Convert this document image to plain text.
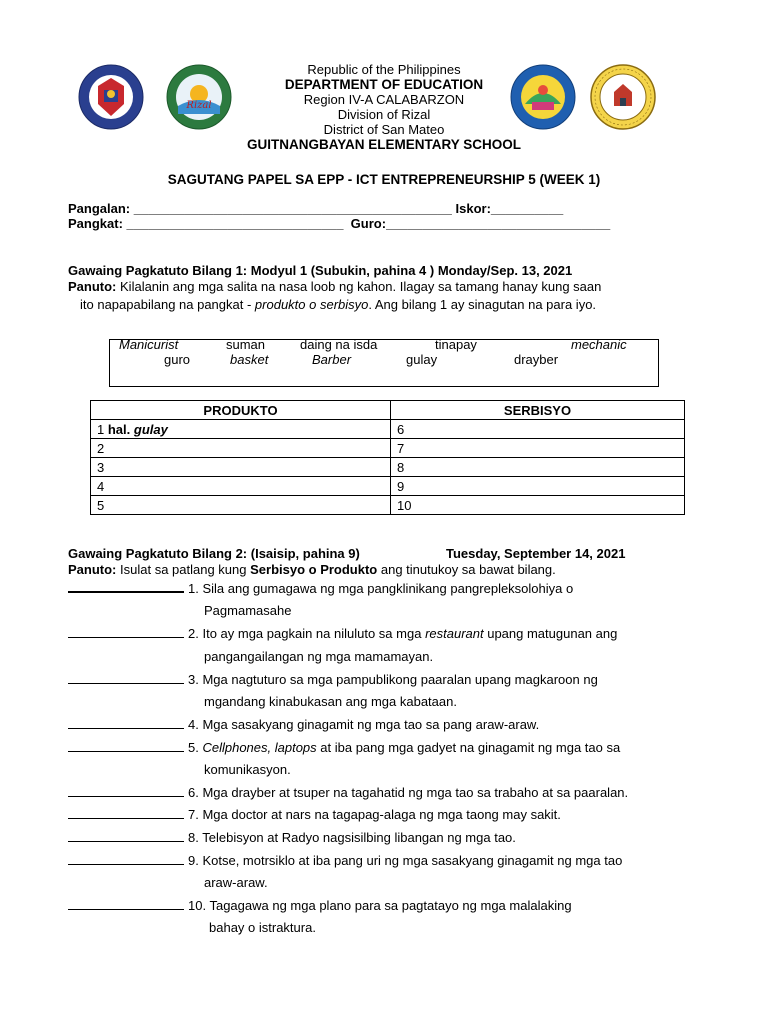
Rizal
Republic of the Philippines
DEPARTMENT OF EDUCATION
Region IV-A CALABARZON
Division of Rizal
District of San Mateo
GUITNANGBAYAN ELEMENTARY SCHOOL
SAGUTANG PAPEL SA EPP - ICT ENTREPRENEURSHIP 5 (WEEK 1)
Pangalan: ____________________________________________ Iskor:__________
Pangkat: ______________________________ Guro:_______________________________
Gawaing Pagkatuto Bilang 1: Modyul 1 (Subukin, pahina 4 ) Monday/Sep. 13, 2021
Panuto: Kilalanin ang mga salita na nasa loob ng kahon. Ilagay sa tamang hanay kung saan
ito napapabilang na pangkat - produkto o serbisyo. Ang bilang 1 ay sinagutan na para iyo.
Manicurist	suman	daing na isda	tinapay	mechanic
guro	basket	Barber	gulay	drayber
PRODUKTO	SERBISYO
1 hal. gulay	6
2	7
3	8
4	9
5	10
Gawaing Pagkatuto Bilang 2: (Isaisip, pahina 9)	Tuesday, September 14, 2021
Panuto: Isulat sa patlang kung Serbisyo o Produkto ang tinutukoy sa bawat bilang.
1. Sila ang gumagawa ng mga pangklinikang pangrepleksolohiya o
Pagmamasahe
2. Ito ay mga pagkain na niluluto sa mga restaurant upang matugunan ang
pangangailangan ng mga mamamayan.
3. Mga nagtuturo sa mga pampublikong paaralan upang magkaroon ng
mgandang kinabukasan ang mga kabataan.
4. Mga sasakyang ginagamit ng mga tao sa pang araw-araw.
5. Cellphones, laptops at iba pang mga gadyet na ginagamit ng mga tao sa
komunikasyon.
6. Mga drayber at tsuper na tagahatid ng mga tao sa trabaho at sa paaralan.
7. Mga doctor at nars na tagapag-alaga ng mga taong may sakit.
8. Telebisyon at Radyo nagsisilbing libangan ng mga tao.
9. Kotse, motrsiklo at iba pang uri ng mga sasakyang ginagamit ng mga tao
araw-araw.
10. Tagagawa ng mga plano para sa pagtatayo ng mga malalaking
bahay o istraktura.
